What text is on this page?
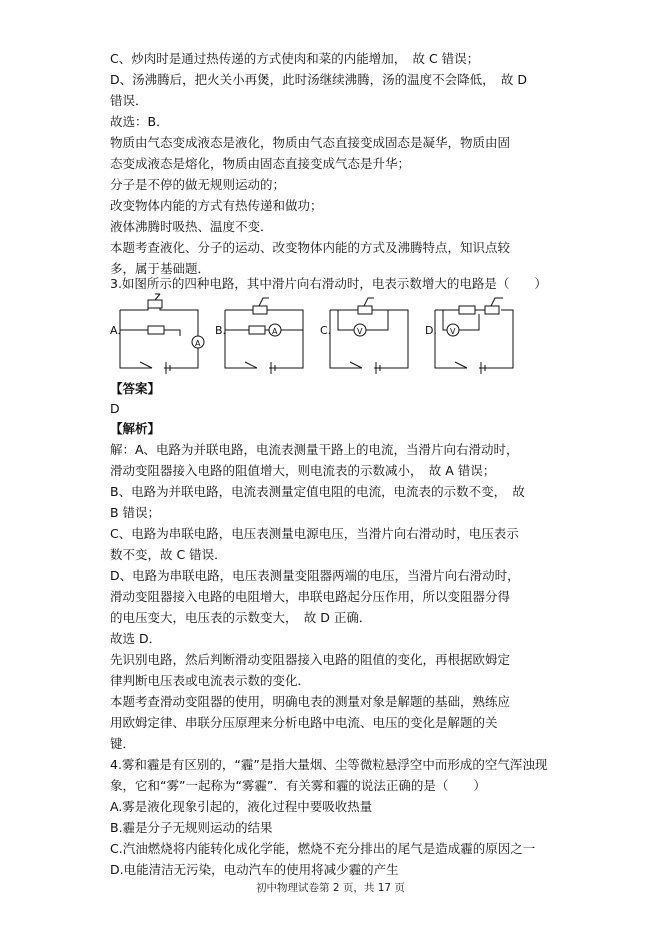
C、炒肉时是通过热传递的方式使肉和菜的内能增加，　故 C 错误；
D、汤沸腾后，把火关小再煲，此时汤继续沸腾，汤的温度不会降低，　故 D
错误．
故选：B．
物质由气态变成液态是液化，物质由气态直接变成固态是凝华，物质由固
态变成液态是熔化，物质由固态直接变成气态是升华；
分子是不停的做无规则运动的；
改变物体内能的方式有热传递和做功；
液体沸腾时吸热、温度不变．
本题考查液化、分子的运动、改变物体内能的方式及沸腾特点，知识点较
多，属于基础题．
3.如图所示的四种电路，其中滑片向右滑动时，电表示数增大的电路是（　　）
A.
A
B.	A	C.	V	D. V
【答案】
D
【解析】
解：A、电路为并联电路，电流表测量干路上的电流，当滑片向右滑动时，
滑动变阻器接入电路的阻值增大，则电流表的示数减小，　故 A 错误；
B、电路为并联电路，电流表测量定值电阻的电流，电流表的示数不变，　故
B 错误；
C、电路为串联电路，电压表测量电源电压，当滑片向右滑动时，电压表示
数不变，故 C 错误．
D、电路为串联电路，电压表测量变阻器两端的电压，当滑片向右滑动时，
滑动变阻器接入电路的电阻增大，串联电路起分压作用，所以变阻器分得
的电压变大，电压表的示数变大，　故 D 正确．
故选 D．
先识别电路，然后判断滑动变阻器接入电路的阻值的变化，再根据欧姆定
律判断电压表或电流表示数的变化．
本题考查滑动变阻器的使用，明确电表的测量对象是解题的基础，熟练应
用欧姆定律、串联分压原理来分析电路中电流、电压的变化是解题的关
键．
4.雾和霾是有区别的，“霾”是指大量烟、尘等微粒悬浮空中而形成的空气浑浊现
象，它和“雾”一起称为“雾霾”．有关雾和霾的说法正确的是（　　）
A.雾是液化现象引起的，液化过程中要吸收热量
B.霾是分子无规则运动的结果
C.汽油燃烧将内能转化成化学能，燃烧不充分排出的尾气是造成霾的原因之一
D.电能清洁无污染，电动汽车的使用将减少霾的产生
初中物理试卷第 2 页，共 17 页
